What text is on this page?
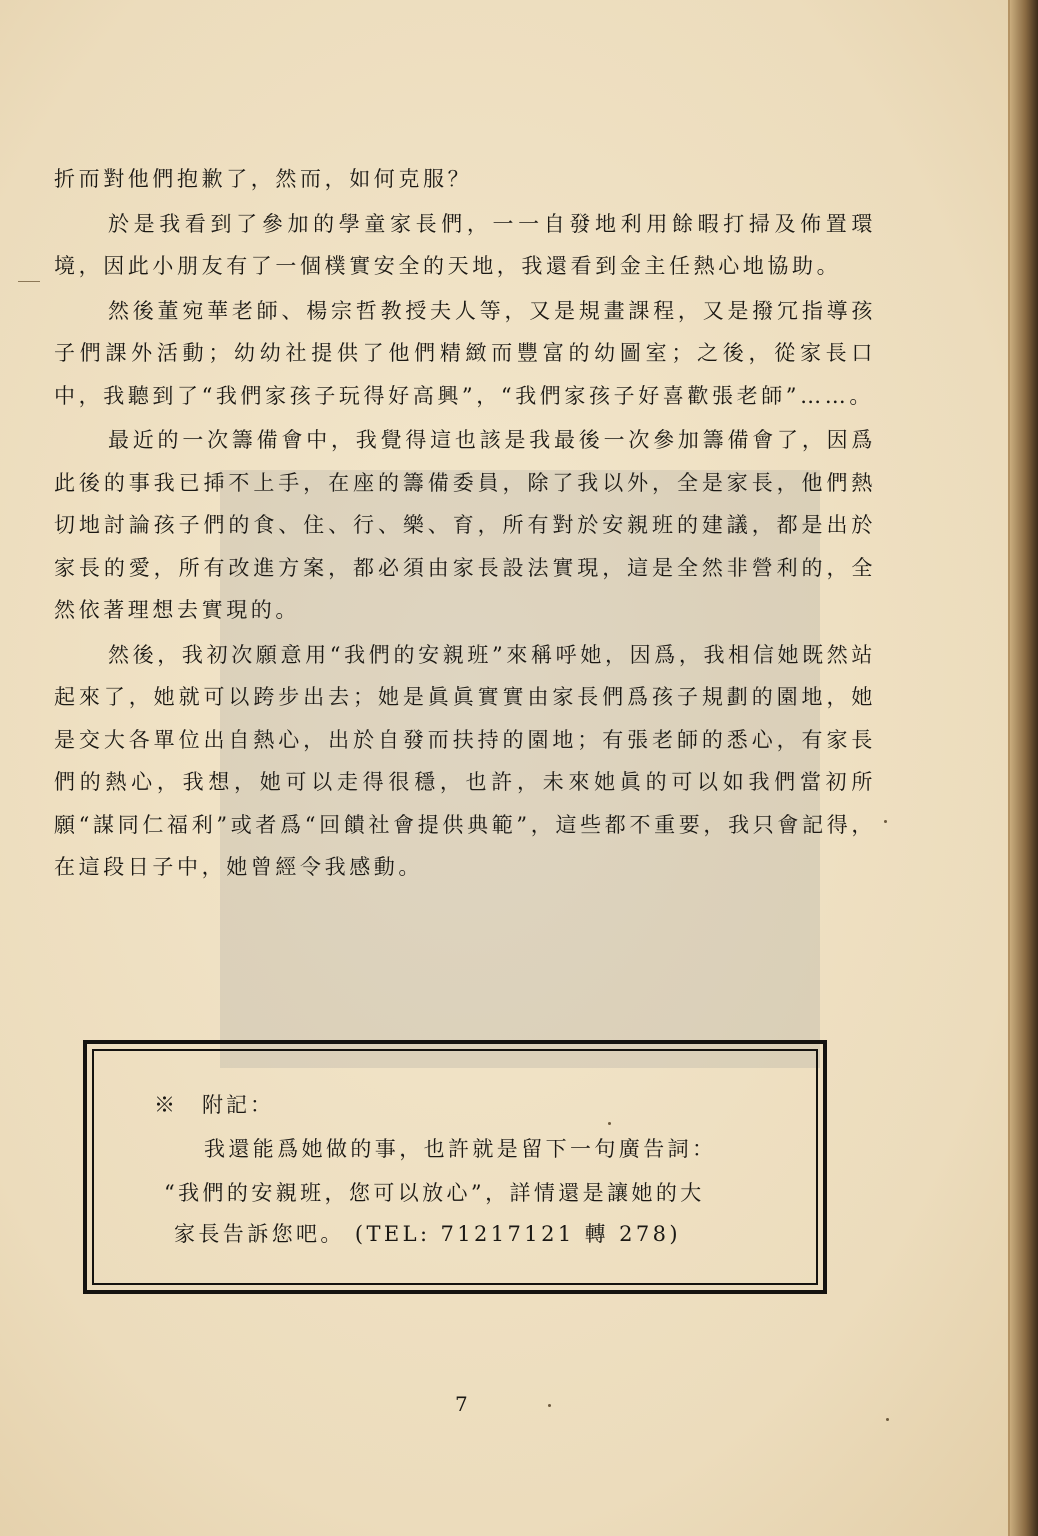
折而對他們抱歉了，然而，如何克服？

於是我看到了參加的學童家長們，一一自發地利用餘暇打掃及佈置環境，因此小朋友有了一個樸實安全的天地，我還看到金主任熱心地協助。

然後董宛華老師、楊宗哲教授夫人等，又是規畫課程，又是撥冗指導孩子們課外活動；幼幼社提供了他們精緻而豐富的幼圖室；之後，從家長口中，我聽到了“我們家孩子玩得好高興”，“我們家孩子好喜歡張老師”……。

最近的一次籌備會中，我覺得這也該是我最後一次參加籌備會了，因爲此後的事我已揷不上手，在座的籌備委員，除了我以外，全是家長，他們熱切地討論孩子們的食、住、行、樂、育，所有對於安親班的建議，都是出於家長的愛，所有改進方案，都必須由家長設法實現，這是全然非營利的，全然依著理想去實現的。

然後，我初次願意用“我們的安親班”來稱呼她，因爲，我相信她既然站起來了，她就可以跨步出去；她是眞眞實實由家長們爲孩子規劃的園地，她是交大各單位出自熱心，出於自發而扶持的園地；有張老師的悉心，有家長們的熱心，我想，她可以走得很穩，也許，未來她眞的可以如我們當初所願“謀同仁福利”或者爲“回饋社會提供典範”，這些都不重要，我只會記得，在這段日子中，她曾經令我感動。

※　附記：
我還能爲她做的事，也許就是留下一句廣告詞：
“我們的安親班，您可以放心”，詳情還是讓她的大
家長告訴您吧。 (TEL: 71217121 轉 278)
7
